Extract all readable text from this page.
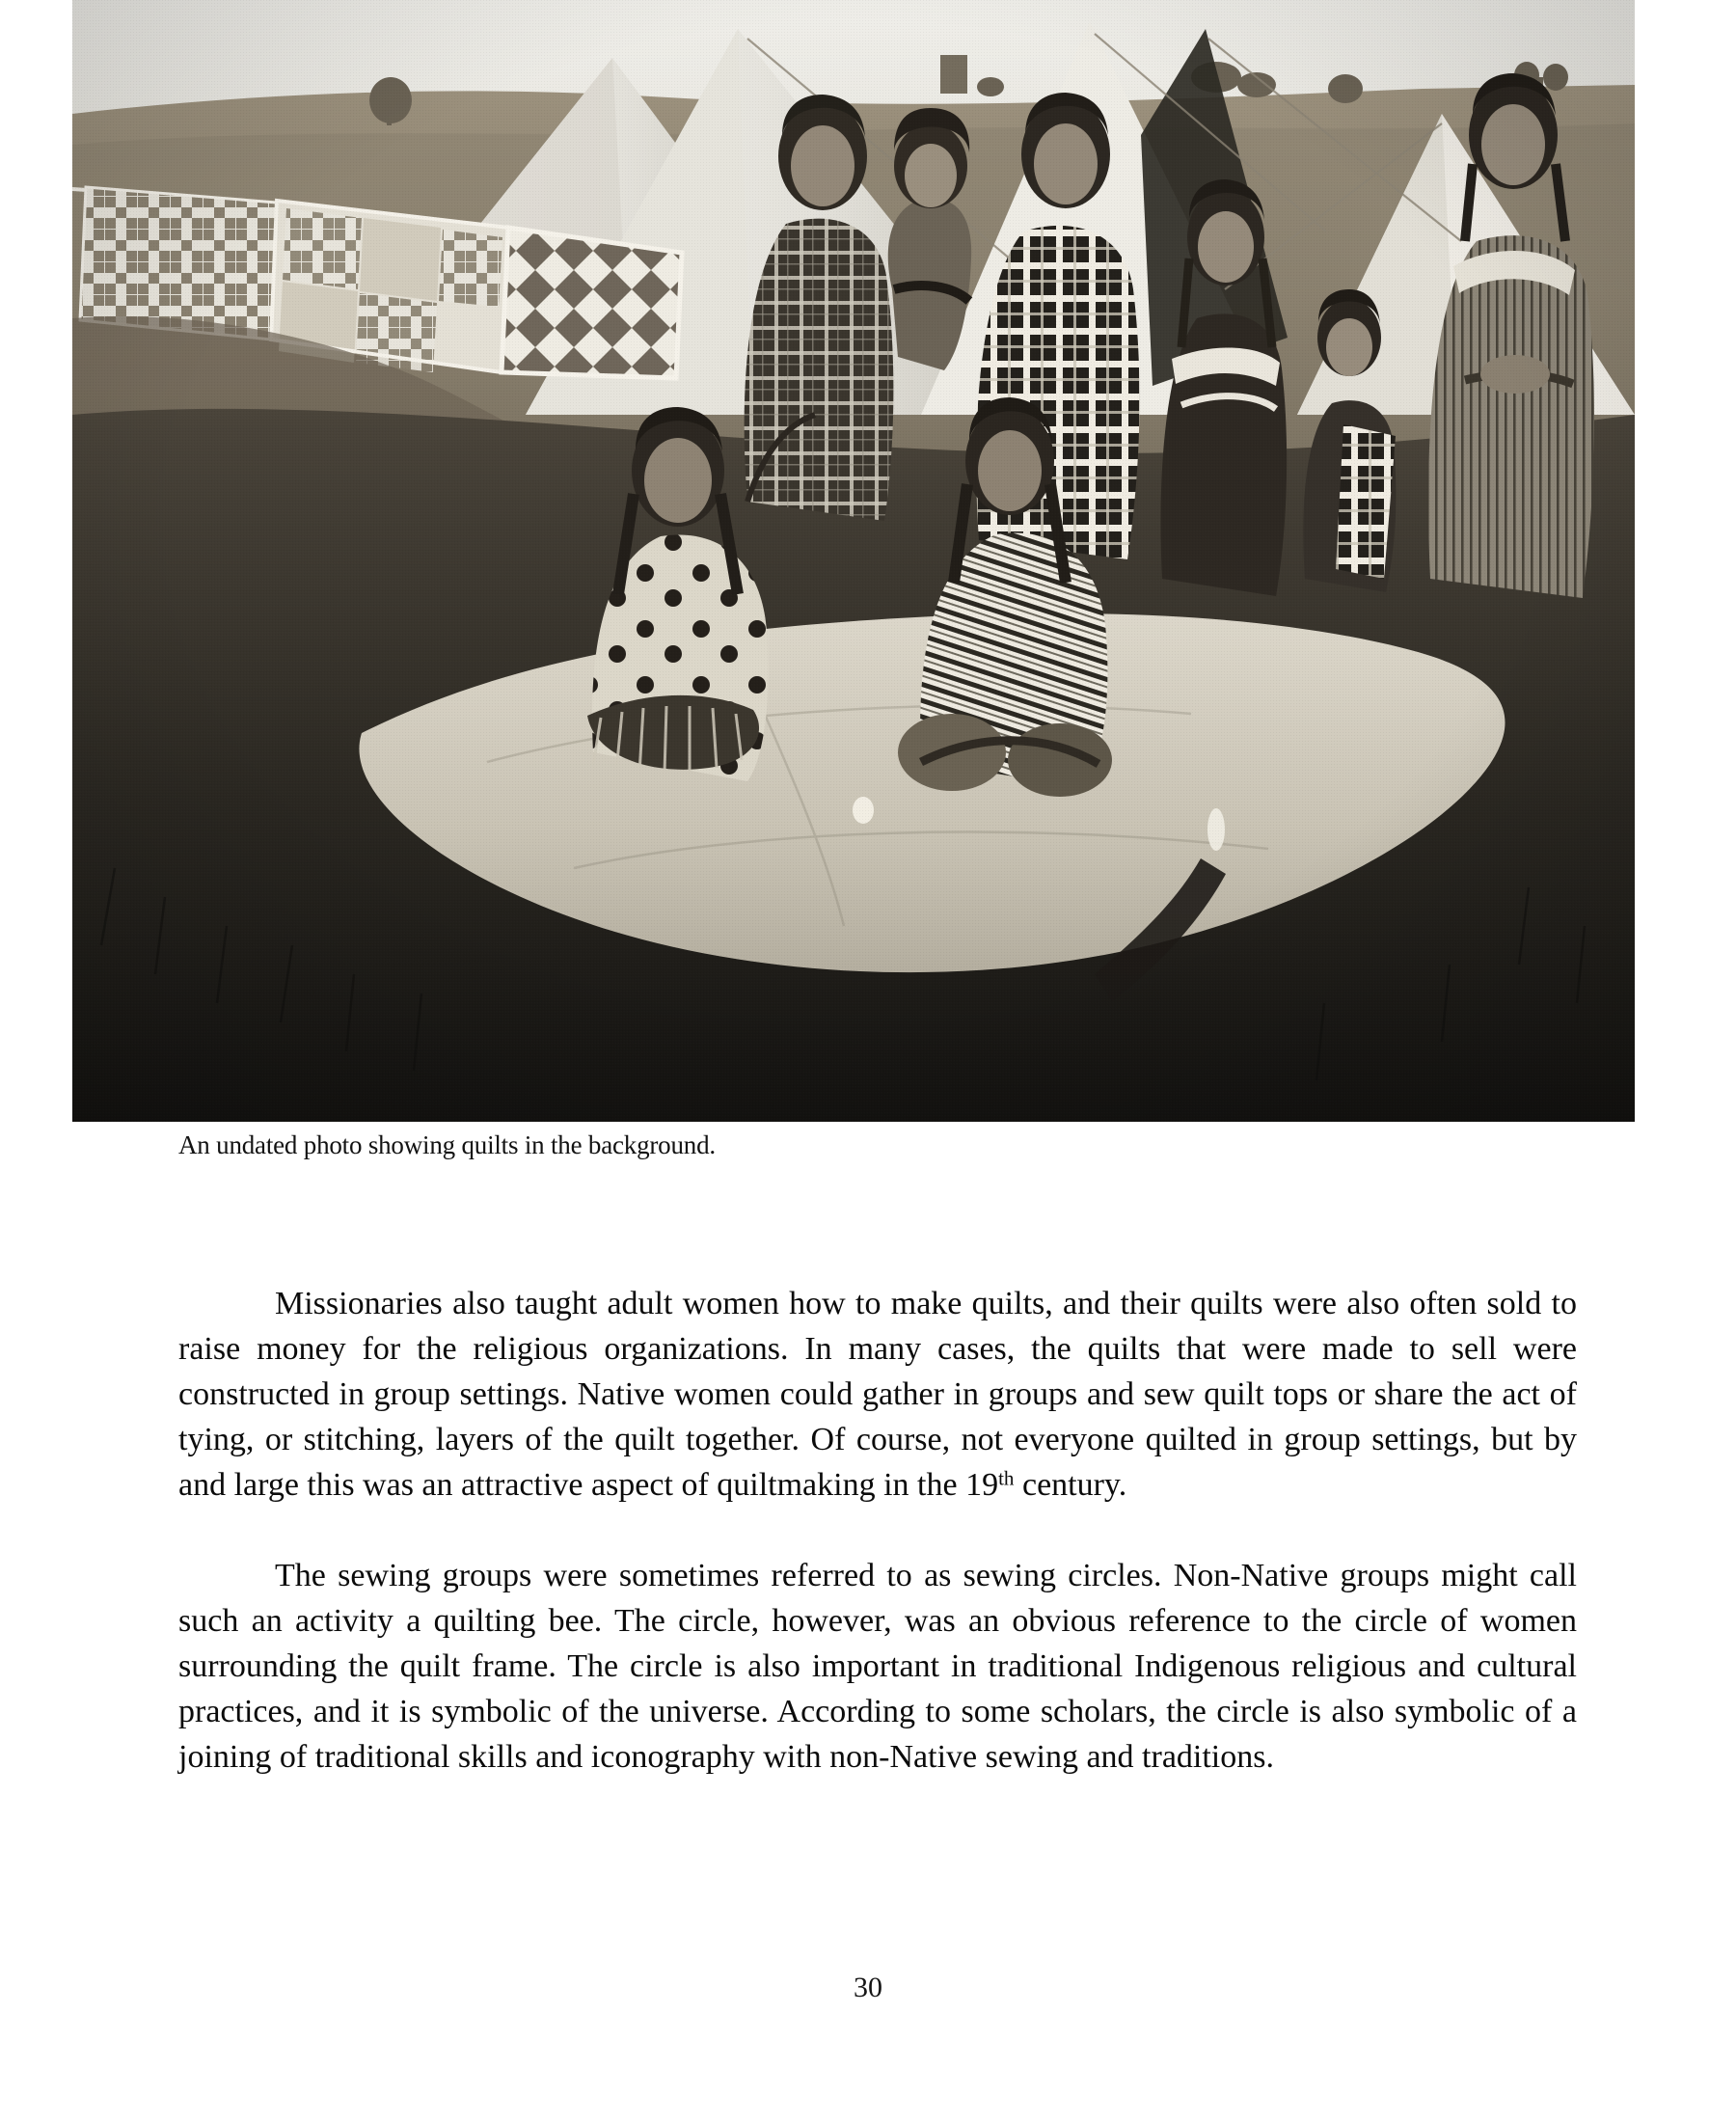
An undated photo showing quilts in the background.

Missionaries also taught adult women how to make quilts, and their quilts were also often sold to raise money for the religious organizations. In many cases, the quilts that were made to sell were constructed in group settings. Native women could gather in groups and sew quilt tops or share the act of tying, or stitching, layers of the quilt together. Of course, not everyone quilted in group settings, but by and large this was an attractive aspect of quiltmaking in the 19th century.

The sewing groups were sometimes referred to as sewing circles. Non-Native groups might call such an activity a quilting bee. The circle, however, was an obvious reference to the circle of women surrounding the quilt frame. The circle is also important in traditional Indigenous religious and cultural practices, and it is symbolic of the universe. According to some scholars, the circle is also symbolic of a joining of traditional skills and iconography with non-Native sewing and traditions.

30
